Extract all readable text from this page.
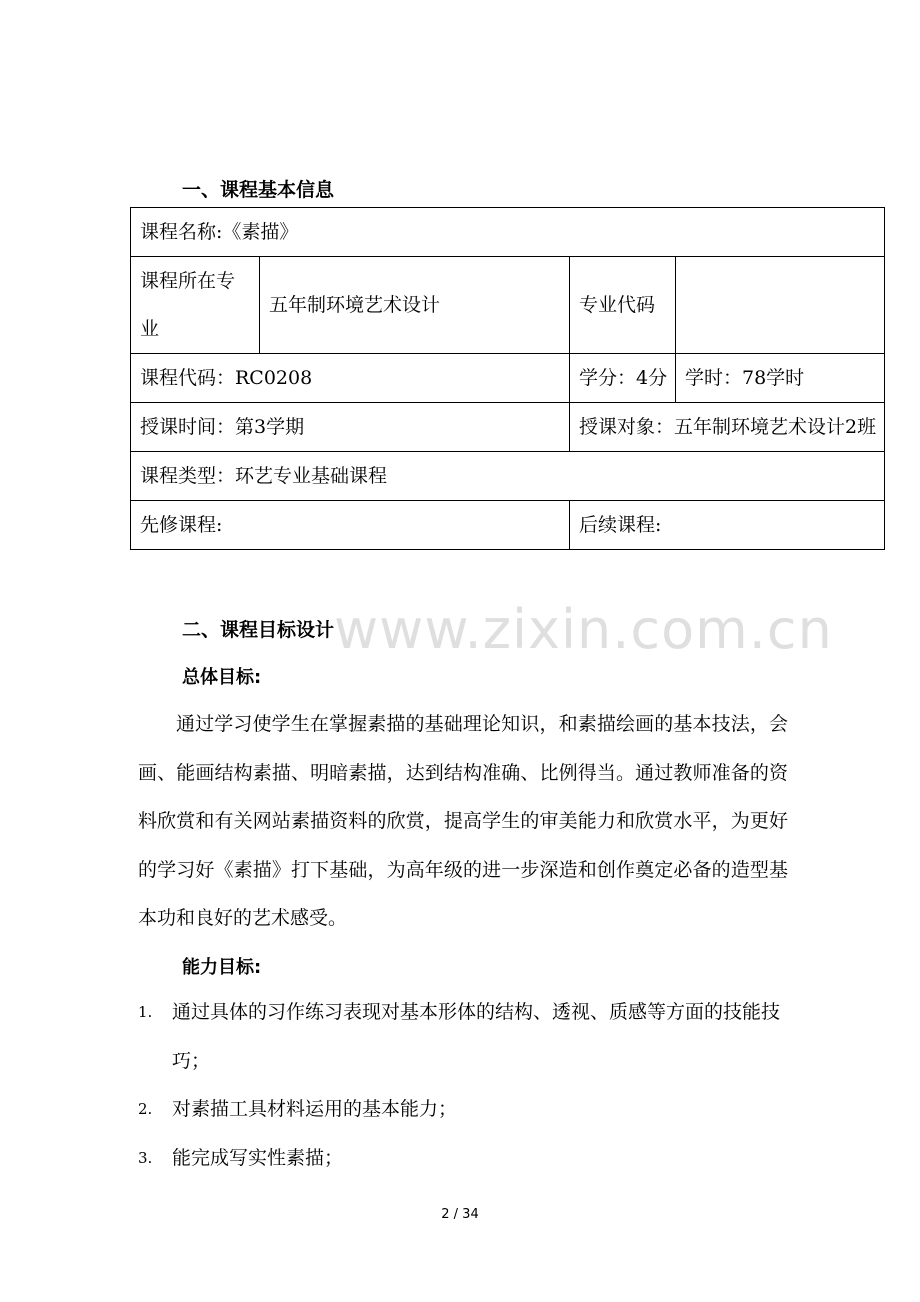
一、课程基本信息
课程名称:《素描》			
课程所在专业	五年制环境艺术设计	专业代码	
课程代码：RC0208		学分：4分	学时：78学时
授课时间：第3学期		授课对象：五年制环境艺术设计2班	
课程类型：环艺专业基础课程			
先修课程:		后续课程:	
www.zixin.com.cn
二、课程目标设计
总体目标:

通过学习使学生在掌握素描的基础理论知识，和素描绘画的基本技法，会画、能画结构素描、明暗素描，达到结构准确、比例得当。通过教师准备的资料欣赏和有关网站素描资料的欣赏，提高学生的审美能力和欣赏水平，为更好的学习好《素描》打下基础，为高年级的进一步深造和创作奠定必备的造型基本功和良好的艺术感受。

能力目标:
1. 通过具体的习作练习表现对基本形体的结构、透视、质感等方面的技能技巧；
2. 对素描工具材料运用的基本能力；
3. 能完成写实性素描；
2 / 34
